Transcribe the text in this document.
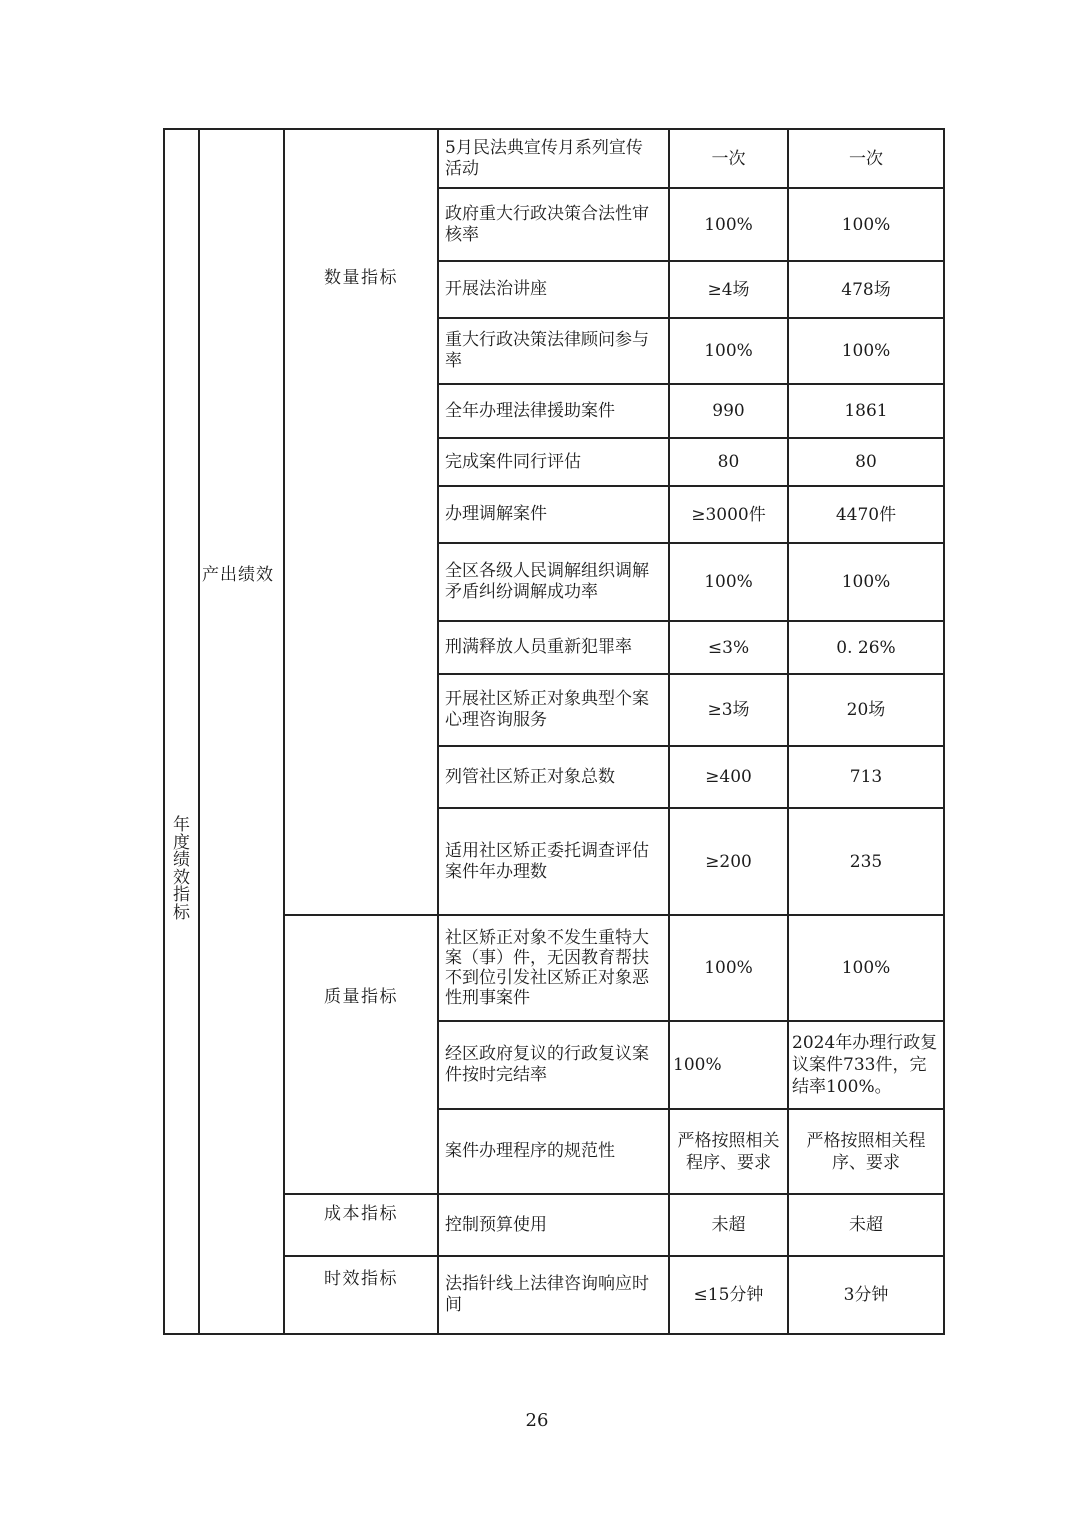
年
度
绩
效
指
标

产出绩效

数量指标
	5月民法典宣传月系列宣传活动	一次	一次
			政府重大行政决策合法性审核率	100%	100%
			开展法治讲座	≥4场	478场
			重大行政决策法律顾问参与率	100%	100%
			全年办理法律援助案件	990	1861
			完成案件同行评估	80	80
			办理调解案件	≥3000件	4470件
			全区各级人民调解组织调解矛盾纠纷调解成功率	100%	100%
			刑满释放人员重新犯罪率	≤3%	0. 26%
			开展社区矫正对象典型个案心理咨询服务	≥3场	20场
			列管社区矫正对象总数	≥400	713
			适用社区矫正委托调查评估案件年办理数	≥200	235

		质量指标	社区矫正对象不发生重特大案（事）件，无因教育帮扶不到位引发社区矫正对象恶性刑事案件	100%	100%
			经区政府复议的行政复议案件按时完结率	100%	2024年办理行政复议案件733件，完结率100%。
			案件办理程序的规范性	严格按照相关程序、要求	严格按照相关程序、要求

		成本指标	控制预算使用	未超	未超

		时效指标	法指针线上法律咨询响应时间	≤15分钟	3分钟
26
